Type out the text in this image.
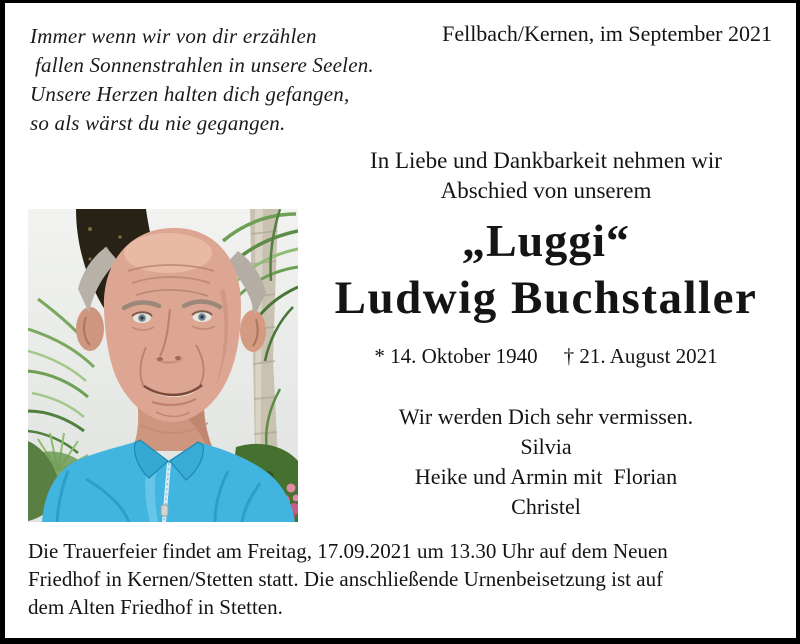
Immer wenn wir von dir erzählen
fallen Sonnenstrahlen in unsere Seelen.
Unsere Herzen halten dich gefangen,
so als wärst du nie gegangen.
Fellbach/Kernen, im September 2021
In Liebe und Dankbarkeit nehmen wir
Abschied von unserem
„Luggi“
Ludwig Buchstaller
* 14. Oktober 1940 † 21. August 2021
Wir werden Dich sehr vermissen.
Silvia
Heike und Armin mit  Florian
Christel
Die Trauerfeier findet am Freitag, 17.09.2021 um 13.30 Uhr auf dem Neuen
Friedhof in Kernen/Stetten statt. Die anschließende Urnenbeisetzung ist auf
dem Alten Friedhof in Stetten.
